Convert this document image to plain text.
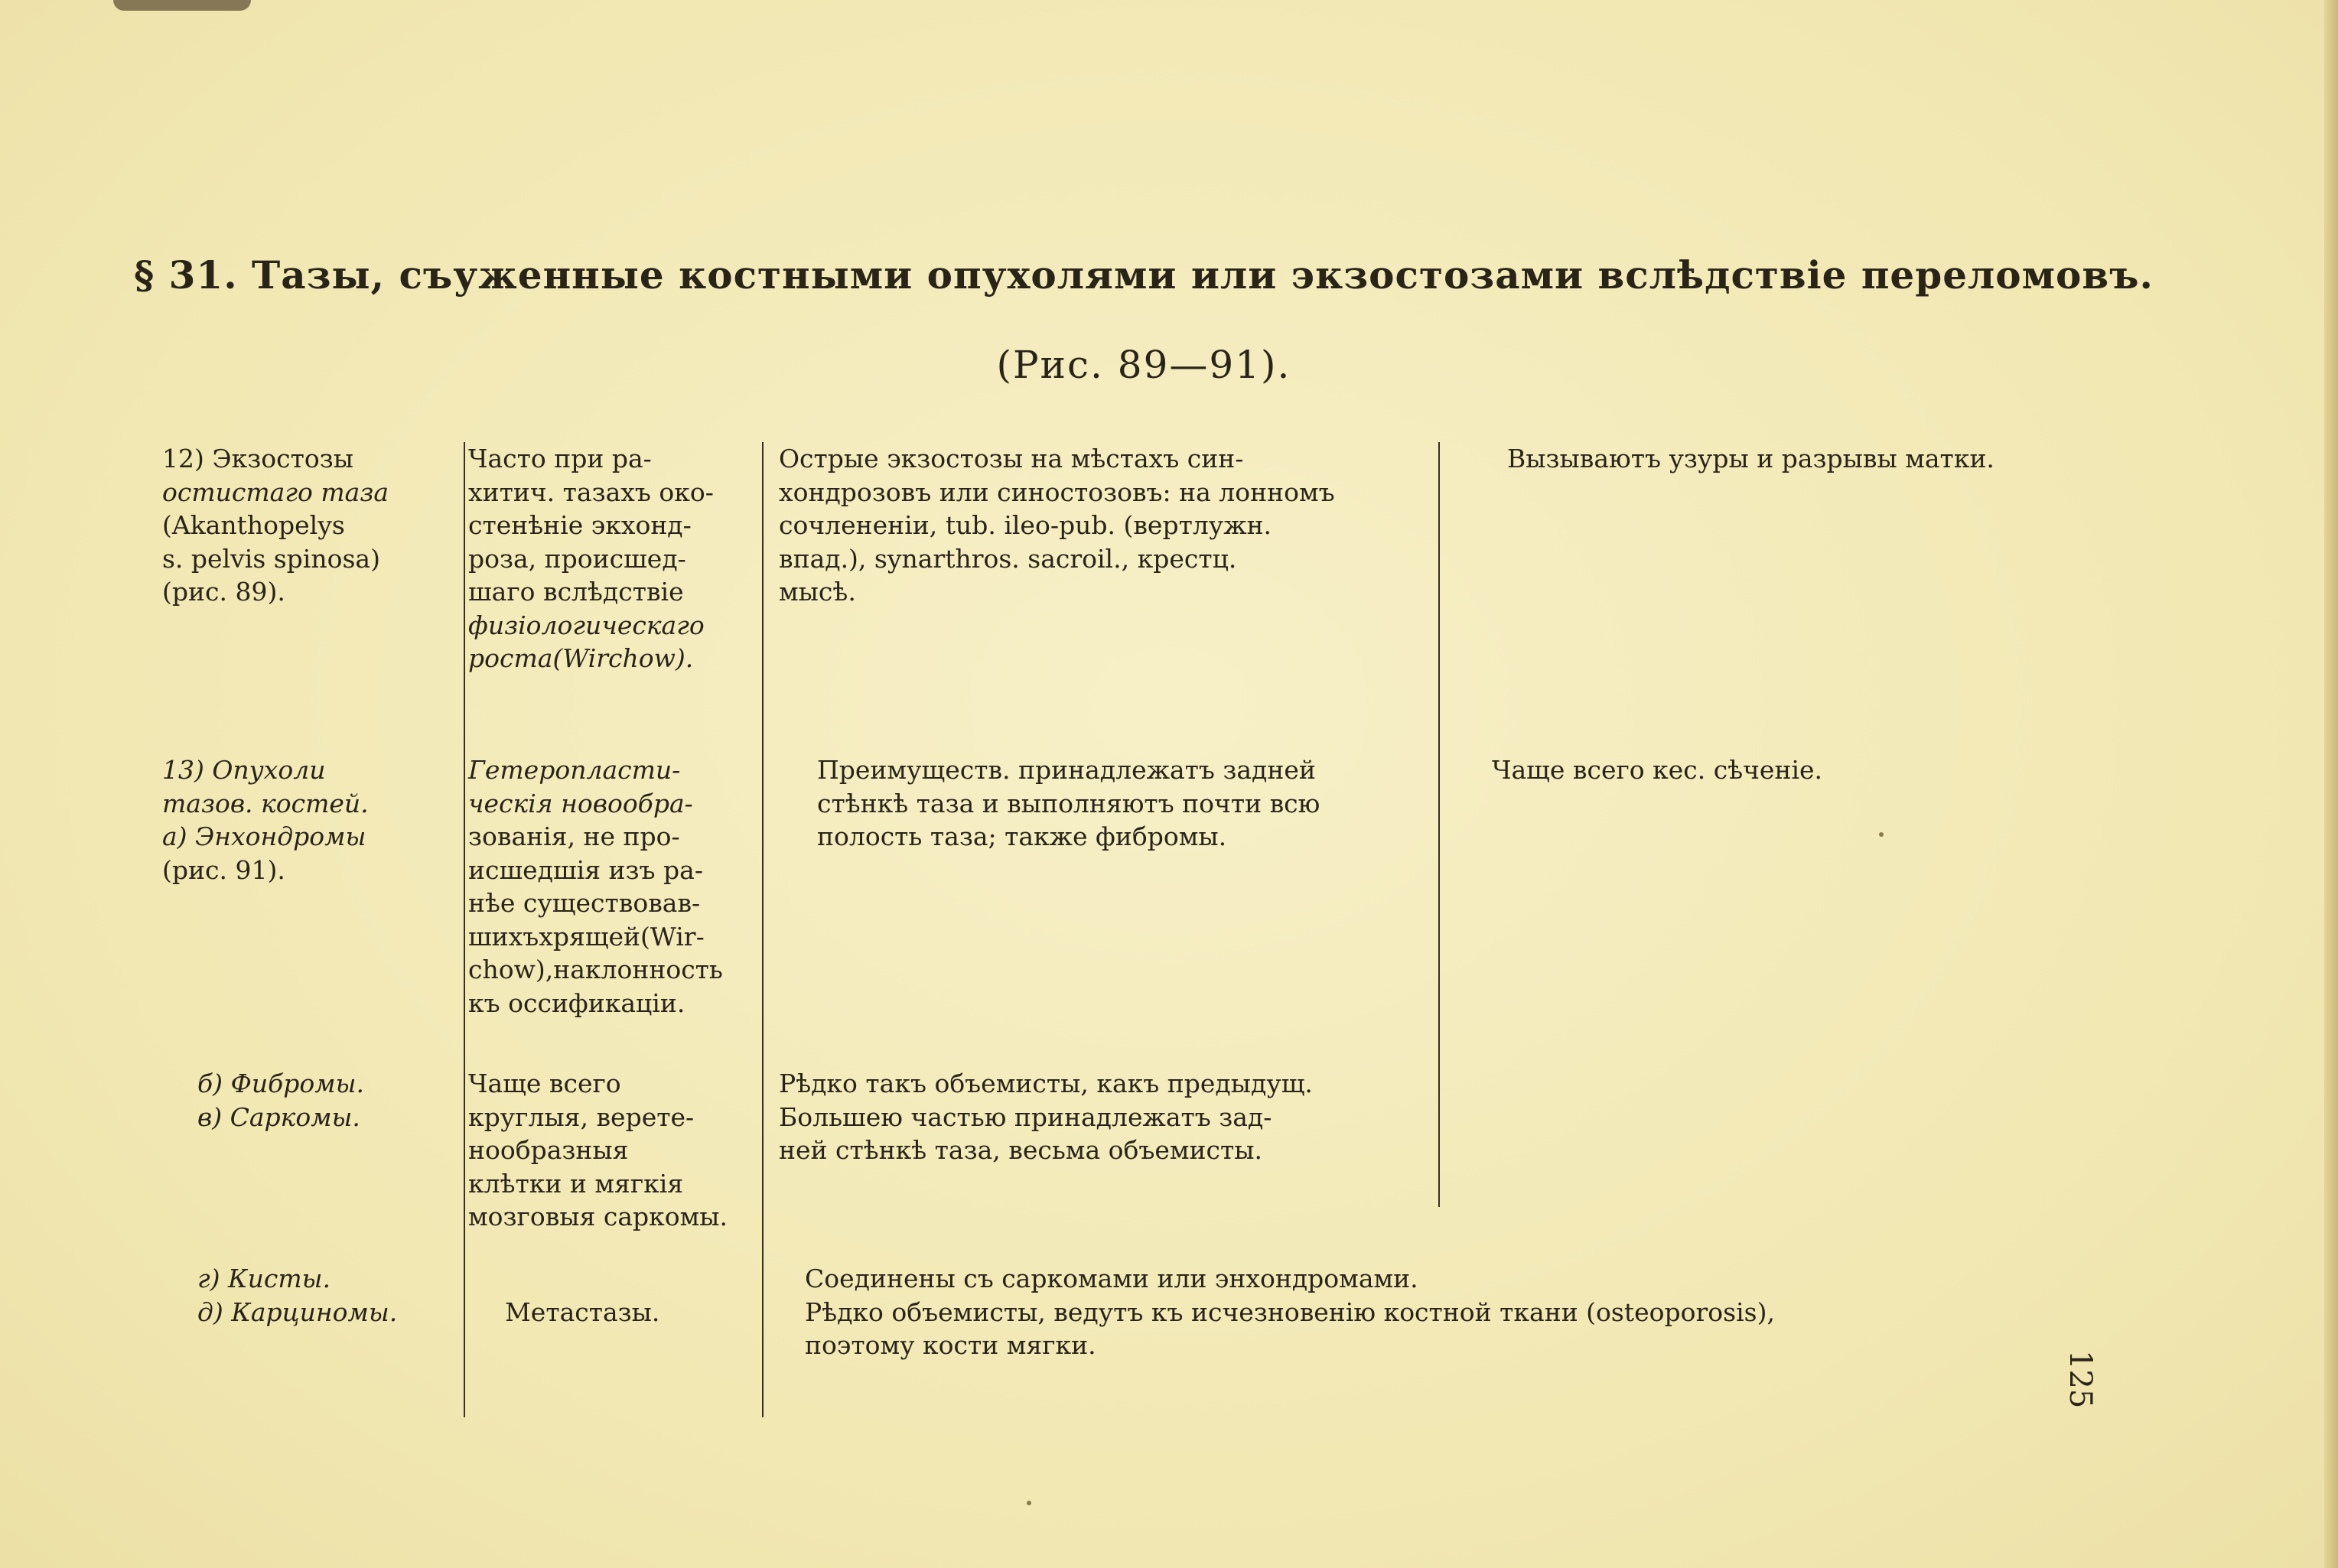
§ 31. Тазы, съуженные костными опухолями или экзостозами вслѣдствіе переломовъ.
(Рис. 89—91).
12) Экзостозы
остистаго таза
(Akanthopelys
s. pelvis spinosa)
(рис. 89).
Часто при ра-
хитич. тазахъ око-
стенѣніе экхонд-
роза, происшед-
шаго вслѣдствіе
физіологическаго
роста(Wirchow).
Острые экзостозы на мѣстахъ син-
хондрозовъ или синостозовъ: на лонномъ
сочлененіи, tub. ileo-pub. (вертлужн.
впад.), synarthros. sacroil., крестц.
мысѣ.
Вызываютъ узуры и разрывы матки.
13) Опухоли
тазов. костей.
а) Энхондромы
(рис. 91).
Гетеропласти-
ческія новообра-
зованія, не про-
исшедшія изъ ра-
нѣе существовав-
шихъхрящей(Wir-
chow),наклонность
къ оссификаціи.
Преимуществ. принадлежатъ задней
стѣнкѣ таза и выполняютъ почти всю
полость таза; также фибромы.
Чаще всего кес. сѣченіе.
б) Фибромы.
в) Саркомы.
Чаще всего
круглыя, верете-
нообразныя
клѣтки и мягкія
мозговыя саркомы.
Рѣдко такъ объемисты, какъ предыдущ.
Большею частью принадлежатъ зад-
ней стѣнкѣ таза, весьма объемисты.
г) Кисты.
д) Карциномы.	Метастазы.
Соединены съ саркомами или энхондромами.
Рѣдко объемисты, ведутъ къ исчезновенію костной ткани (osteoporosis),
поэтому кости мягки.
125
